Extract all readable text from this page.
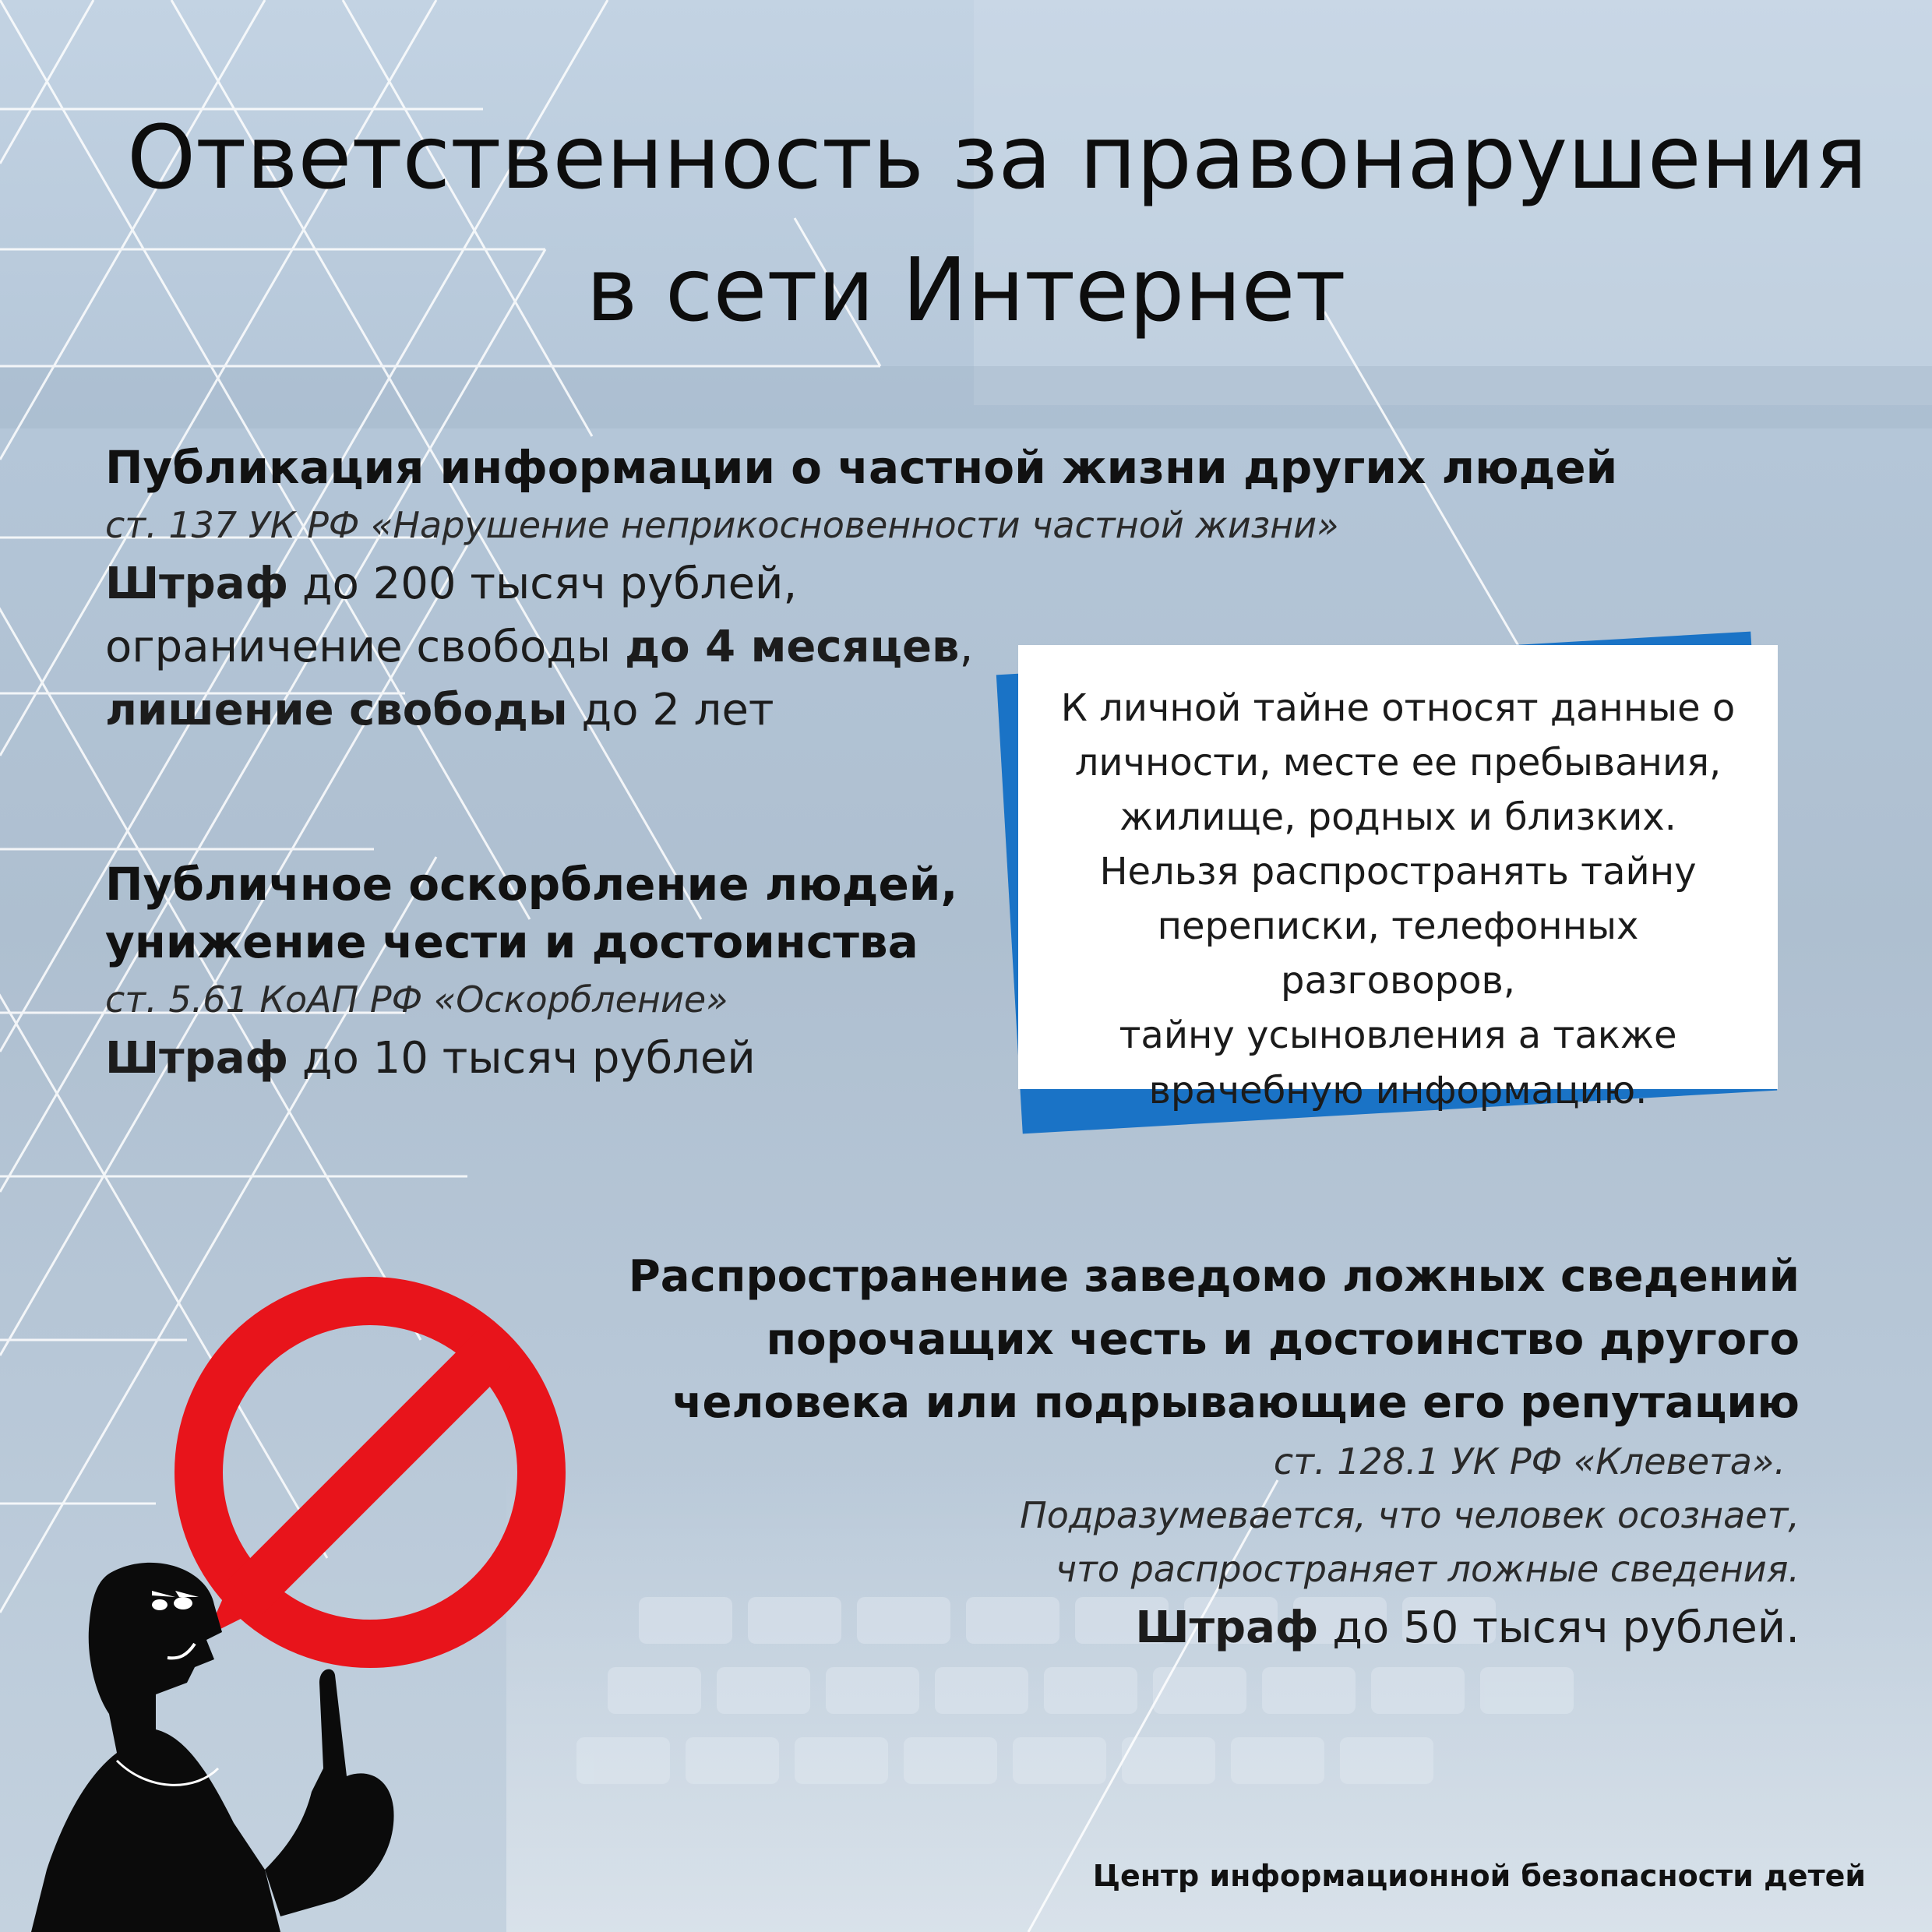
Ответственность за правонарушения
в сети Интернет
Публикация информации о частной жизни других людей
ст. 137 УК РФ «Нарушение неприкосновенности частной жизни»
Штраф до 200 тысяч рублей,
ограничение свободы до 4 месяцев,
лишение свободы до 2 лет
Публичное оскорбление людей,
унижение чести и достоинства
ст. 5.61 КоАП РФ «Оскорбление»
Штраф до 10 тысяч рублей
К личной тайне относят данные о
личности, месте ее пребывания,
жилище, родных и близких.
Нельзя распространять тайну
переписки, телефонных разговоров,
тайну усыновления а также
врачебную информацию.
Распространение заведомо ложных сведений
порочащих честь и достоинство другого
человека или подрывающие его репутацию
ст. 128.1 УК РФ «Клевета».
Подразумевается, что человек осознает,
что распространяет ложные сведения.
Штраф до 50 тысяч рублей.
Центр информационной безопасности детей
